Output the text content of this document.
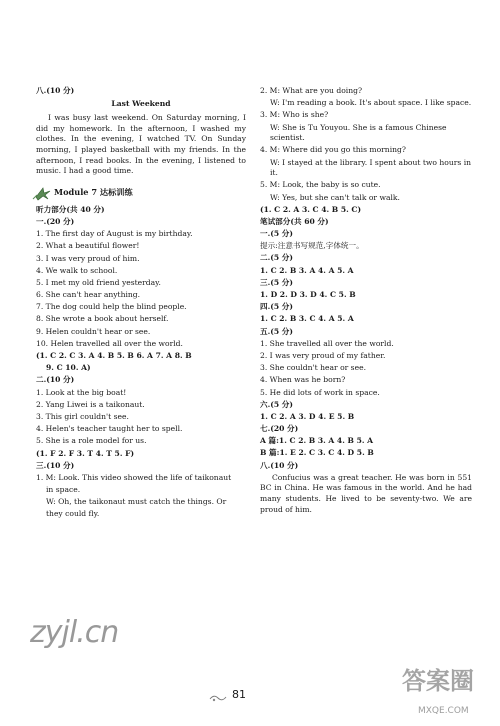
八.(10 分)
Last Weekend
I was busy last weekend. On Saturday morning, I did my homework. In the afternoon, I washed my clothes. In the evening, I watched TV. On Sunday morning, I played basketball with my friends. In the afternoon, I read books. In the evening, I listened to music. I had a good time.
Module 7 达标训练
听力部分(共 40 分)
一.(20 分)
1. The first day of August is my birthday.
2. What a beautiful flower!
3. I was very proud of him.
4. We walk to school.
5. I met my old friend yesterday.
6. She can't hear anything.
7. The dog could help the blind people.
8. She wrote a book about herself.
9. Helen couldn't hear or see.
10. Helen travelled all over the world.
(1. C 2. C 3. A 4. B 5. B 6. A 7. A 8. B
9. C 10. A)
二.(10 分)
1. Look at the big boat!
2. Yang Liwei is a taikonaut.
3. This girl couldn't see.
4. Helen's teacher taught her to spell.
5. She is a role model for us.
(1. F 2. F 3. T 4. T 5. F)
三.(10 分)
1. M: Look. This video showed the life of taikonaut
in space.
W: Oh, the taikonaut must catch the things. Or
they could fly.
2. M: What are you doing?
W: I'm reading a book. It's about space. I like space.
3. M: Who is she?
W: She is Tu Youyou. She is a famous Chinese scientist.
4. M: Where did you go this morning?
W: I stayed at the library. I spent about two hours in it.
5. M: Look, the baby is so cute.
W: Yes, but she can't talk or walk.
(1. C 2. A 3. C 4. B 5. C)
笔试部分(共 60 分)
一.(5 分)
提示:注意书写规范,字体统一。
二.(5 分)
1. C 2. B 3. A 4. A 5. A
三.(5 分)
1. D 2. D 3. D 4. C 5. B
四.(5 分)
1. C 2. B 3. C 4. A 5. A
五.(5 分)
1. She travelled all over the world.
2. I was very proud of my father.
3. She couldn't hear or see.
4. When was he born?
5. He did lots of work in space.
六.(5 分)
1. C 2. A 3. D 4. E 5. B
七.(20 分)
A 篇:1. C 2. B 3. A 4. B 5. A
B 篇:1. E 2. C 3. C 4. D 5. B
八.(10 分)
Confucius was a great teacher. He was born in 551 BC in China. He was famous in the world. And he had many students. He lived to be seventy-two. We are proud of him.
81
zyjl.cn
答案圈
MXQE.COM
